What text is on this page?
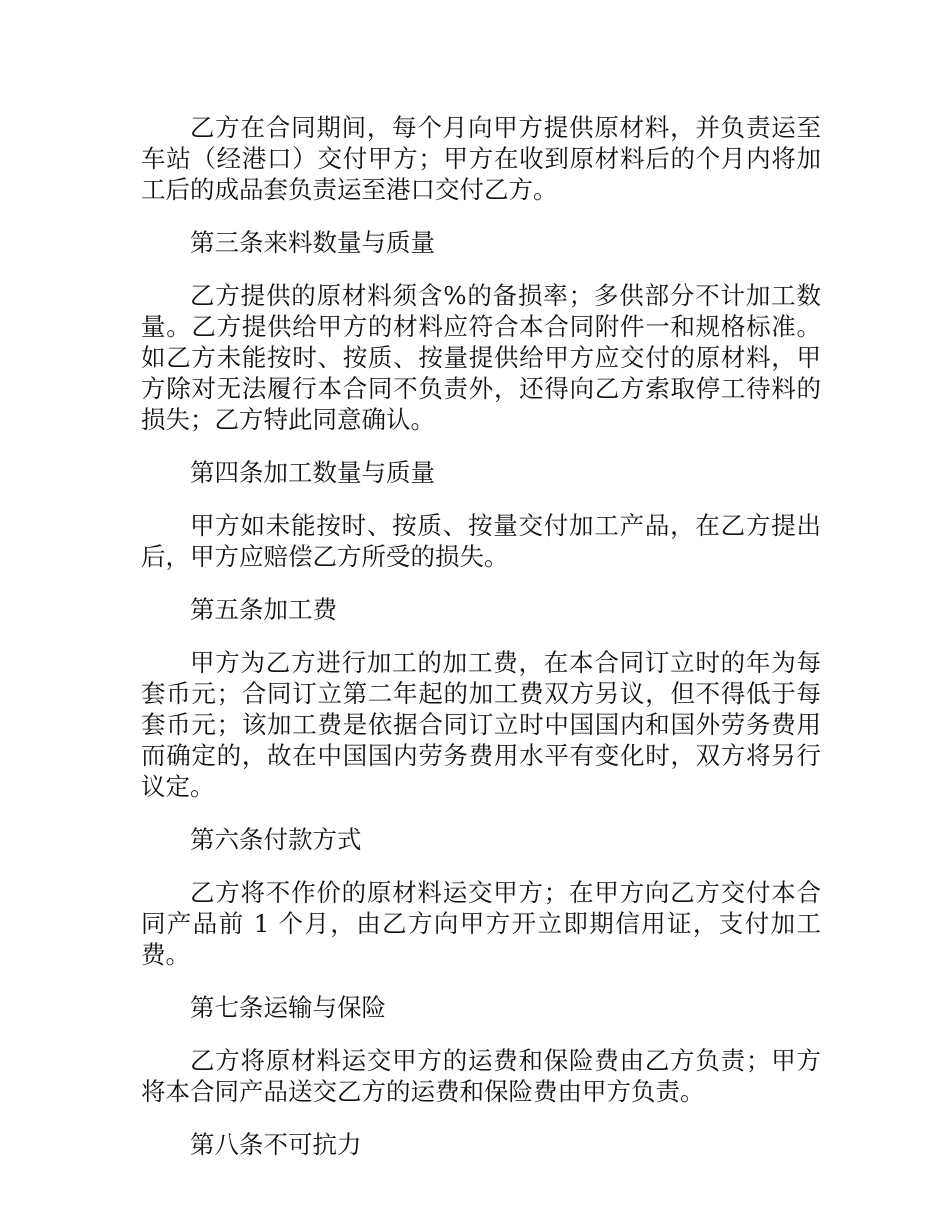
乙方在合同期间，每个月向甲方提供原材料，并负责运至车站（经港口）交付甲方；甲方在收到原材料后的个月内将加工后的成品套负责运至港口交付乙方。

第三条来料数量与质量

乙方提供的原材料须含%的备损率；多供部分不计加工数量。乙方提供给甲方的材料应符合本合同附件一和规格标准。如乙方未能按时、按质、按量提供给甲方应交付的原材料，甲方除对无法履行本合同不负责外，还得向乙方索取停工待料的损失；乙方特此同意确认。

第四条加工数量与质量

甲方如未能按时、按质、按量交付加工产品，在乙方提出后，甲方应赔偿乙方所受的损失。

第五条加工费

甲方为乙方进行加工的加工费，在本合同订立时的年为每套币元；合同订立第二年起的加工费双方另议，但不得低于每套币元；该加工费是依据合同订立时中国国内和国外劳务费用而确定的，故在中国国内劳务费用水平有变化时，双方将另行议定。

第六条付款方式

乙方将不作价的原材料运交甲方；在甲方向乙方交付本合同产品前 1 个月，由乙方向甲方开立即期信用证，支付加工费。

第七条运输与保险

乙方将原材料运交甲方的运费和保险费由乙方负责；甲方将本合同产品送交乙方的运费和保险费由甲方负责。

第八条不可抗力
